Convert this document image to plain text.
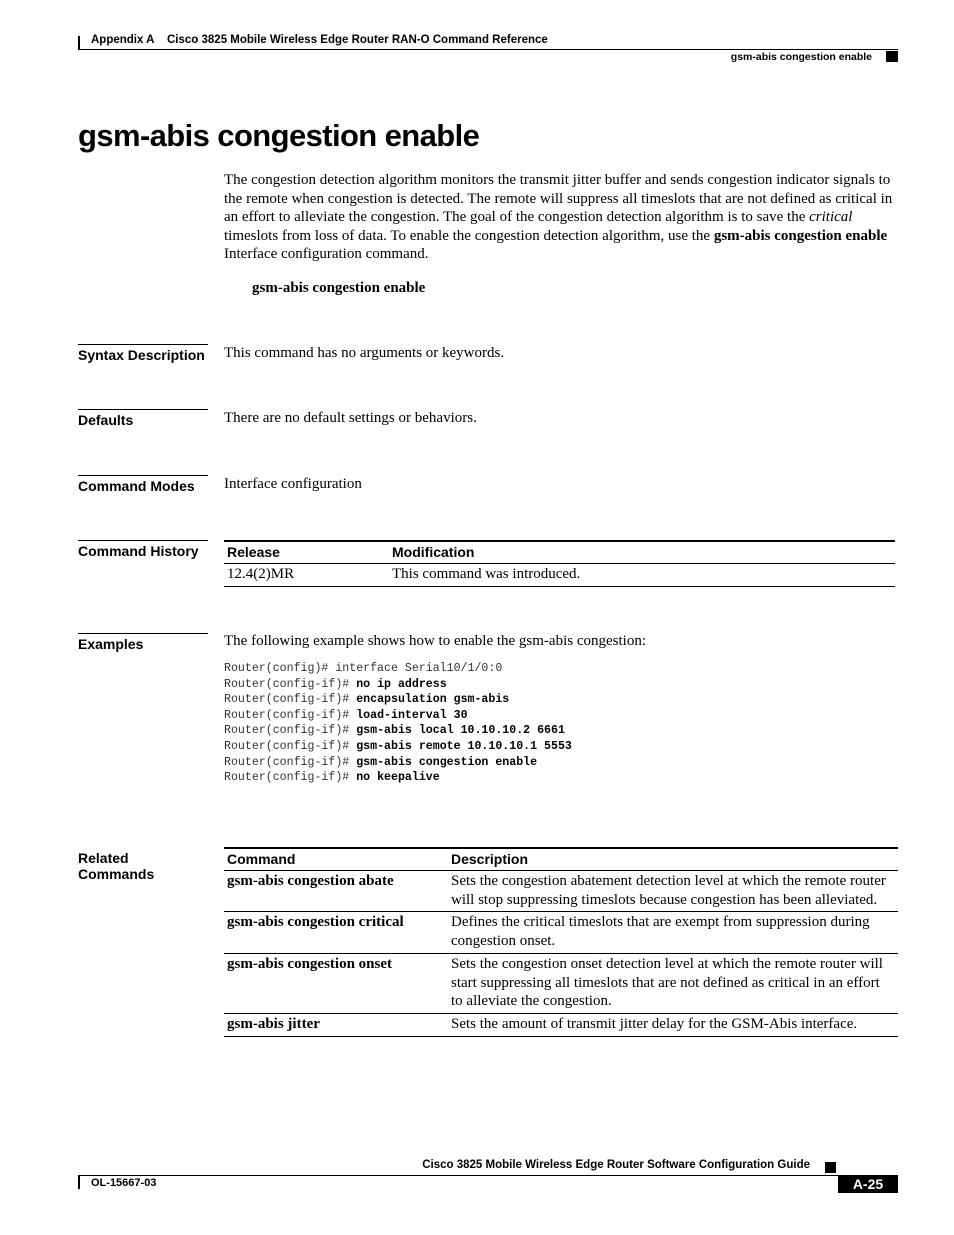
Appendix A Cisco 3825 Mobile Wireless Edge Router RAN-O Command Reference
gsm-abis congestion enable
gsm-abis congestion enable
The congestion detection algorithm monitors the transmit jitter buffer and sends congestion indicator signals to the remote when congestion is detected. The remote will suppress all timeslots that are not defined as critical in an effort to alleviate the congestion. The goal of the congestion detection algorithm is to save the critical timeslots from loss of data. To enable the congestion detection algorithm, use the gsm-abis congestion enable Interface configuration command.
gsm-abis congestion enable
Syntax Description This command has no arguments or keywords.
Defaults	There are no default settings or behaviors.
Command Modes	Interface configuration
Command History	Release	Modification
12.4(2)MR	This command was introduced.
Examples	The following example shows how to enable the gsm-abis congestion:
Router(config)# interface Serial10/1/0:0
Router(config-if)# no ip address
Router(config-if)# encapsulation gsm-abis
Router(config-if)# load-interval 30
Router(config-if)# gsm-abis local 10.10.10.2 6661
Router(config-if)# gsm-abis remote 10.10.10.1 5553
Router(config-if)# gsm-abis congestion enable
Router(config-if)# no keepalive
Related Commands
Command	Description
gsm-abis congestion abate	Sets the congestion abatement detection level at which the remote router will stop suppressing timeslots because congestion has been alleviated.
gsm-abis congestion critical	Defines the critical timeslots that are exempt from suppression during congestion onset.
gsm-abis congestion onset	Sets the congestion onset detection level at which the remote router will start suppressing all timeslots that are not defined as critical in an effort to alleviate the congestion.
gsm-abis jitter	Sets the amount of transmit jitter delay for the GSM-Abis interface.
Cisco 3825 Mobile Wireless Edge Router Software Configuration Guide
OL-15667-03	A-25
